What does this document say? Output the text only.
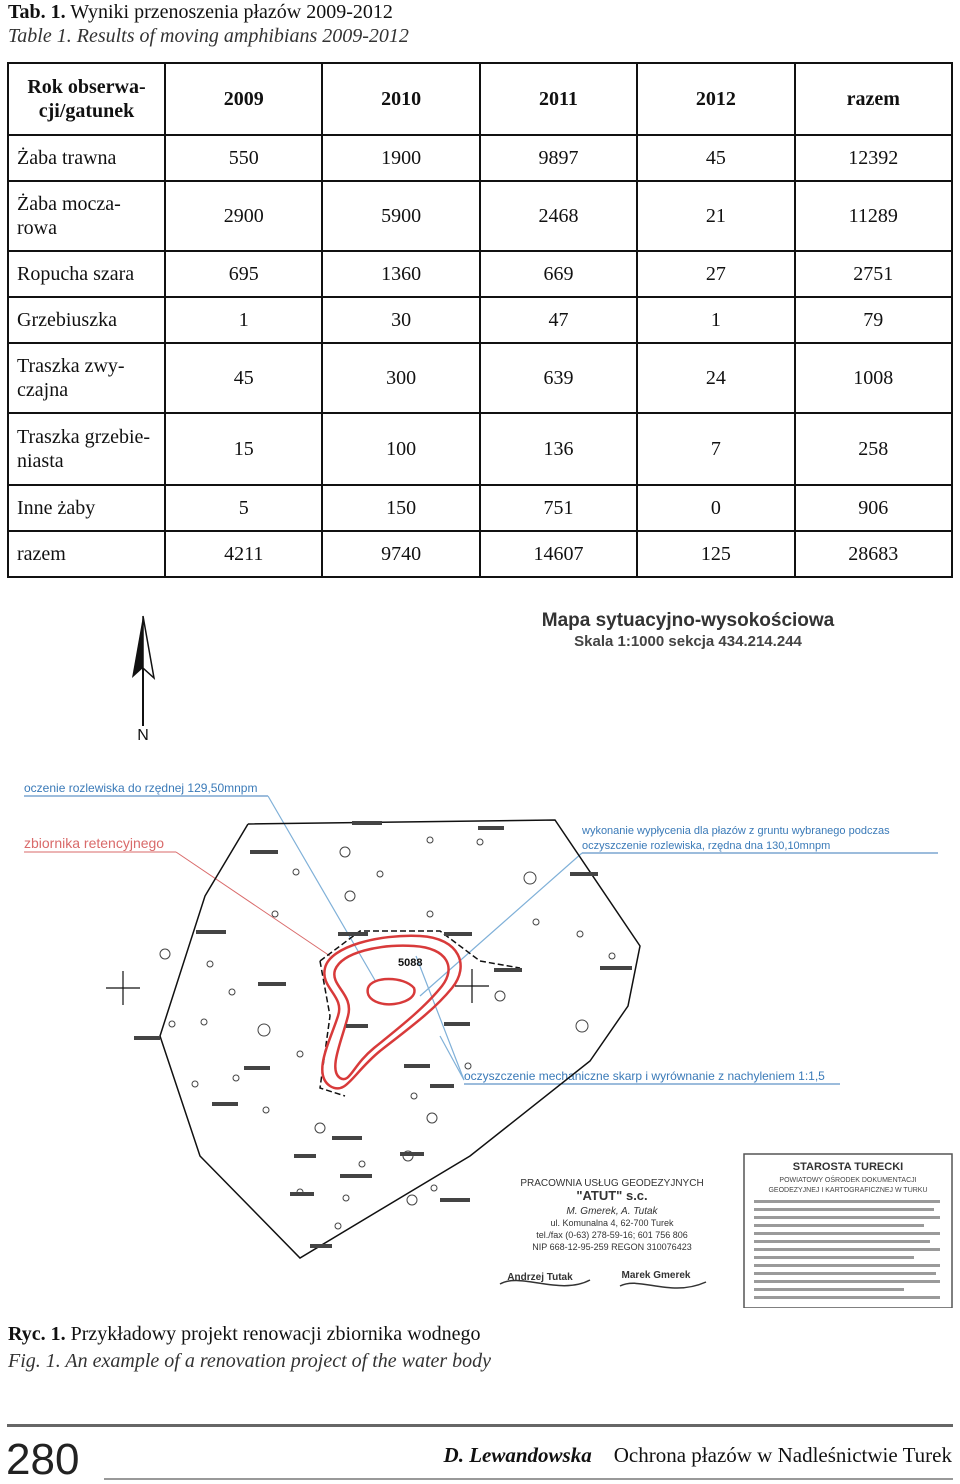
Tab. 1. Wyniki przenoszenia płazów 2009-2012
Table 1. Results of moving amphibians 2009-2012
Rok obserwa-cji/gatunek	2009	2010	2011	2012	razem
Żaba trawna	550	1900	9897	45	12392
Żaba mocza-rowa	2900	5900	2468	21	11289
Ropucha szara	695	1360	669	27	2751
Grzebiuszka	1	30	47	1	79
Traszka zwy-czajna	45	300	639	24	1008
Traszka grzebie-niasta	15	100	136	7	258
Inne żaby	5	150	751	0	906
razem	4211	9740	14607	125	28683
Mapa sytuacyjno-wysokościowa
Skala 1:1000 sekcja 434.214.244
N
oczenie rozlewiska do rzędnej 129,50mnpm
zbiornika retencyjnego
wykonanie wypłycenia dla płazów z gruntu wybranego podczas
oczyszczenie rozlewiska, rzędna dna 130,10mnpm
oczyszczenie mechaniczne skarp i wyrównanie z nachyleniem 1:1,5
5088
PRACOWNIA USŁUG GEODEZYJNYCH
"ATUT" s.c.
M. Gmerek, A. Tutak
ul. Komunalna 4, 62-700 Turek
tel./fax (0-63) 278-59-16; 601 756 806
NIP 668-12-95-259 REGON 310076423
Andrzej Tutak	Marek Gmerek
STAROSTA TURECKI
POWIATOWY OŚRODEK DOKUMENTACJI
GEODEZYJNEJ I KARTOGRAFICZNEJ W TURKU
Ryc. 1. Przykładowy projekt renowacji zbiornika wodnego
Fig. 1. An example of a renovation project of the water body
280	D. Lewandowska Ochrona płazów w Nadleśnictwie Turek
